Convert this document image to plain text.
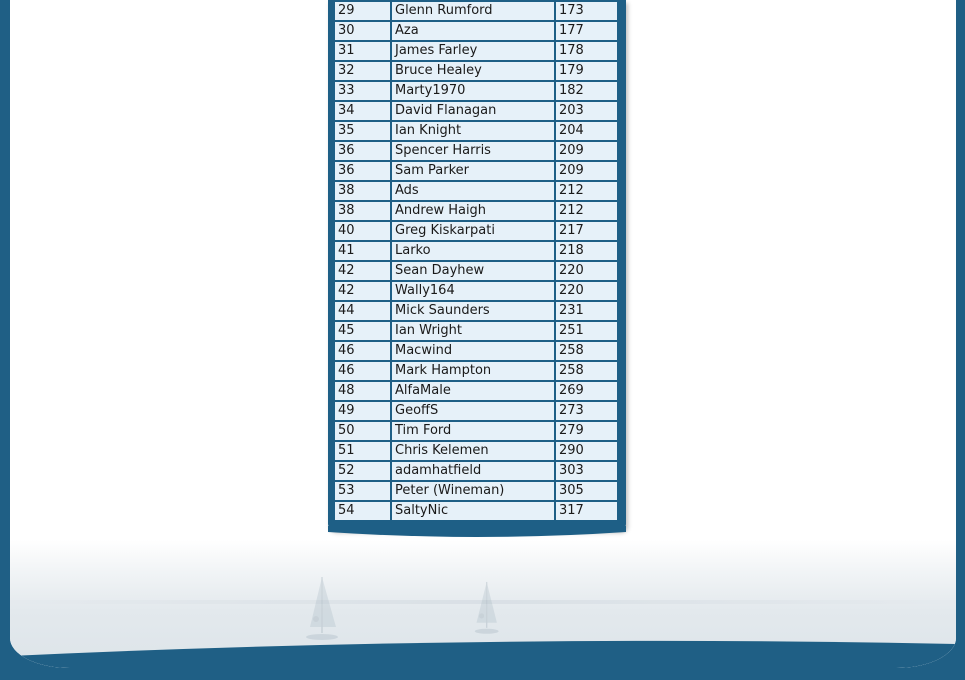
29	Glenn Rumford	173
30	Aza	177
31	James Farley	178
32	Bruce Healey	179
33	Marty1970	182
34	David Flanagan	203
35	Ian Knight	204
36	Spencer Harris	209
36	Sam Parker	209
38	Ads	212
38	Andrew Haigh	212
40	Greg Kiskarpati	217
41	Larko	218
42	Sean Dayhew	220
42	Wally164	220
44	Mick Saunders	231
45	Ian Wright	251
46	Macwind	258
46	Mark Hampton	258
48	AlfaMale	269
49	GeoffS	273
50	Tim Ford	279
51	Chris Kelemen	290
52	adamhatfield	303
53	Peter (Wineman)	305
54	SaltyNic	317
